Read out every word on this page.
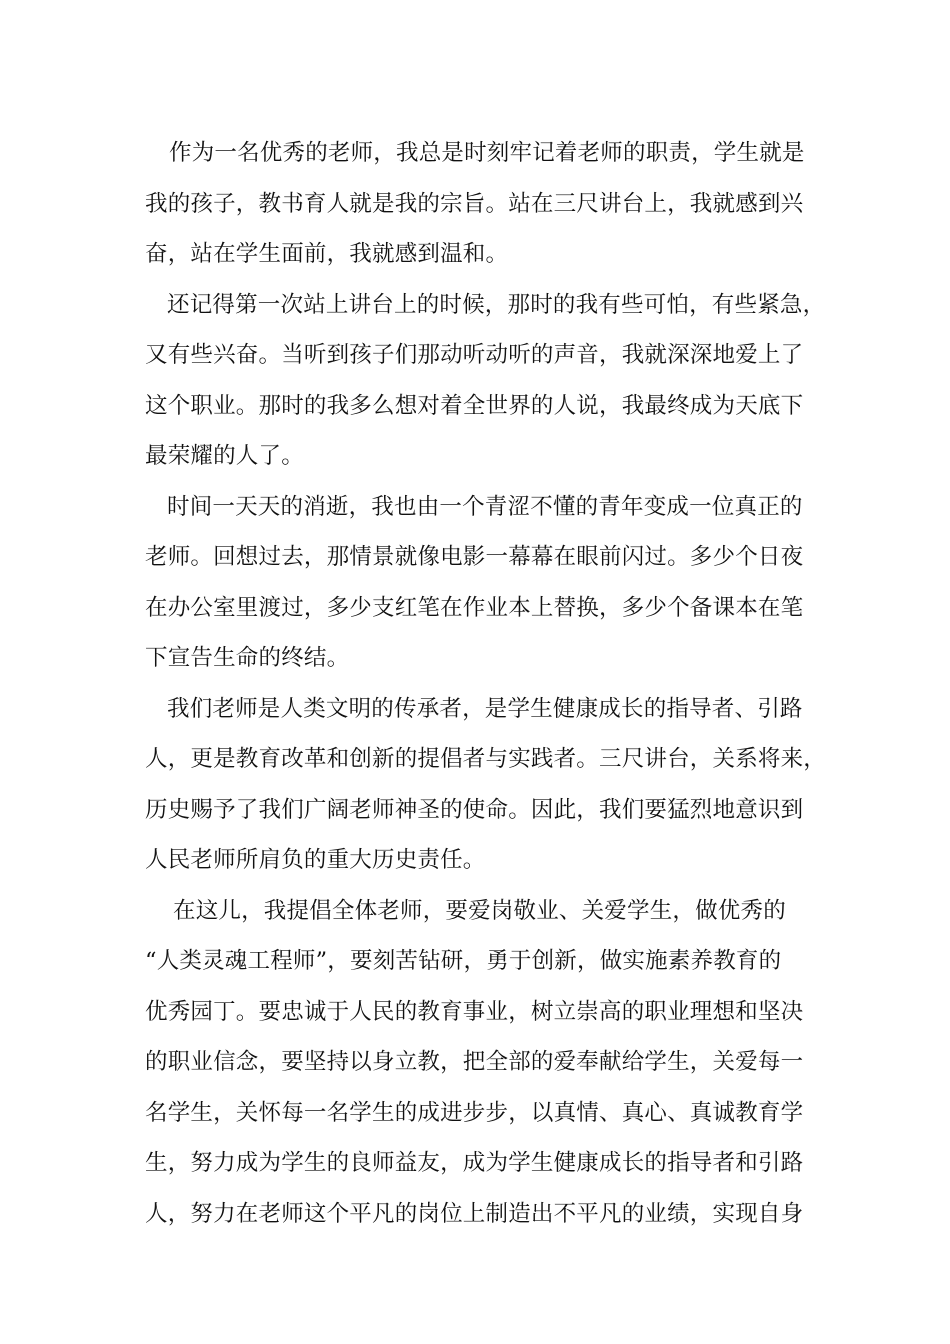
作为一名优秀的老师，我总是时刻牢记着老师的职责，学生就是
我的孩子，教书育人就是我的宗旨。站在三尺讲台上，我就感到兴
奋，站在学生面前，我就感到温和。
还记得第一次站上讲台上的时候，那时的我有些可怕，有些紧急，
又有些兴奋。当听到孩子们那动听动听的声音，我就深深地爱上了
这个职业。那时的我多么想对着全世界的人说，我最终成为天底下
最荣耀的人了。
时间一天天的消逝，我也由一个青涩不懂的青年变成一位真正的
老师。回想过去，那情景就像电影一幕幕在眼前闪过。多少个日夜
在办公室里渡过，多少支红笔在作业本上替换，多少个备课本在笔
下宣告生命的终结。
我们老师是人类文明的传承者，是学生健康成长的指导者、引路
人，更是教育改革和创新的提倡者与实践者。三尺讲台，关系将来，
历史赐予了我们广阔老师神圣的使命。因此，我们要猛烈地意识到
人民老师所肩负的重大历史责任。
在这儿，我提倡全体老师，要爱岗敬业、关爱学生，做优秀的
“人类灵魂工程师”，要刻苦钻研，勇于创新，做实施素养教育的
优秀园丁。要忠诚于人民的教育事业，树立崇高的职业理想和坚决
的职业信念，要坚持以身立教，把全部的爱奉献给学生，关爱每一
名学生，关怀每一名学生的成进步步，以真情、真心、真诚教育学
生，努力成为学生的良师益友，成为学生健康成长的指导者和引路
人，努力在老师这个平凡的岗位上制造出不平凡的业绩，实现自身
